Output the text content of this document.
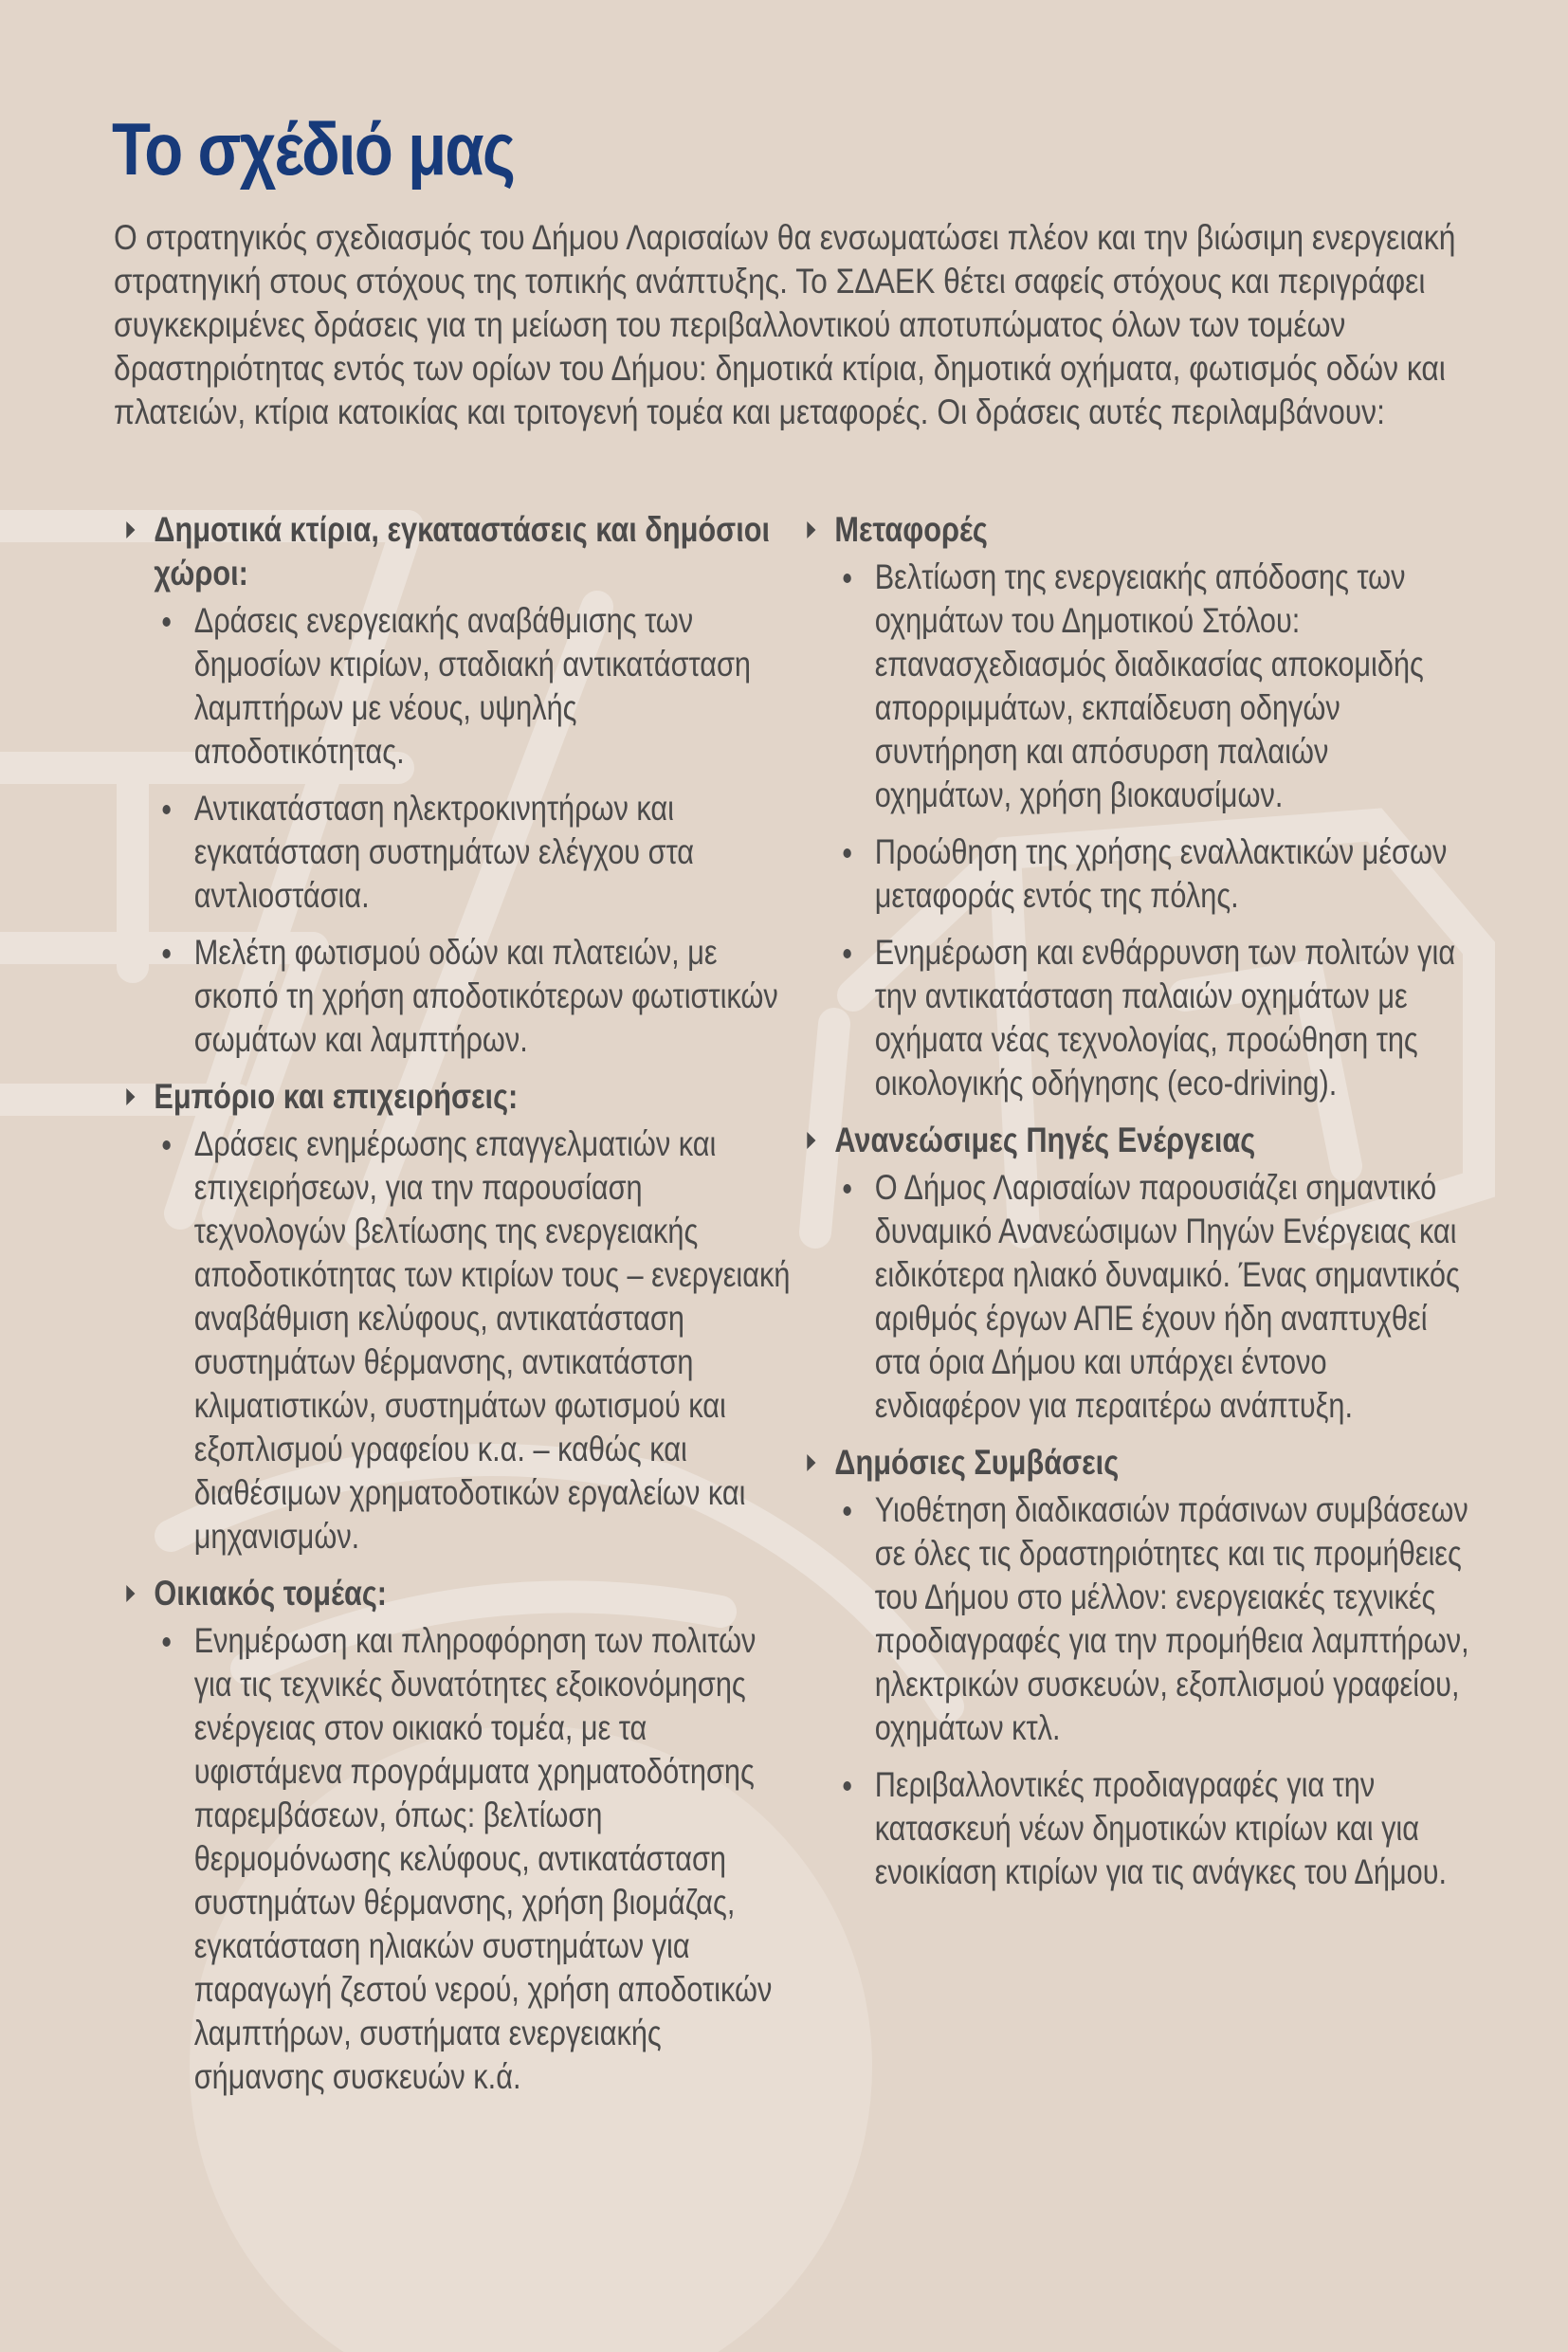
Το σχέδιό μας

Ο στρατηγικός σχεδιασμός του Δήμου Λαρισαίων θα ενσωματώσει πλέον και την βιώσιμη ενεργειακή στρατηγική στους στόχους της τοπικής ανάπτυξης. Το ΣΔΑΕΚ θέτει σαφείς στόχους και περιγράφει συγκεκριμένες δράσεις για τη μείωση του περιβαλλοντικού αποτυπώματος όλων των τομέων δραστηριότητας εντός των ορίων του Δήμου: δημοτικά κτίρια, δημοτικά οχήματα, φωτισμός οδών και πλατειών, κτίρια κατοικίας και τριτογενή τομέα και μεταφορές. Οι δράσεις αυτές περιλαμβάνουν:

Δημοτικά κτίρια, εγκαταστάσεις και δημόσιοι χώροι:
Δράσεις ενεργειακής αναβάθμισης των δημοσίων κτιρίων, σταδιακή αντικατάσταση λαμπτήρων με νέους, υψηλής αποδοτικότητας.
Αντικατάσταση ηλεκτροκινητήρων και εγκατάσταση συστημάτων ελέγχου στα αντλιοστάσια.
Μελέτη φωτισμού οδών και πλατειών, με σκοπό τη χρήση αποδοτικότερων φωτιστικών σωμάτων και λαμπτήρων.
Εμπόριο και επιχειρήσεις:
Δράσεις ενημέρωσης επαγγελματιών και επιχειρήσεων, για την παρουσίαση τεχνολογών βελτίωσης της ενεργειακής αποδοτικότητας των κτιρίων τους – ενεργειακή αναβάθμιση κελύφους, αντικατάσταση συστημάτων θέρμανσης, αντικατάστση κλιματιστικών, συστημάτων φωτισμού και εξοπλισμού γραφείου κ.α. – καθώς και διαθέσιμων χρηματοδοτικών εργαλείων και μηχανισμών.
Οικιακός τομέας:
Ενημέρωση και πληροφόρηση των πολιτών για τις τεχνικές δυνατότητες εξοικονόμησης ενέργειας στον οικιακό τομέα, με τα υφιστάμενα προγράμματα χρηματοδότησης παρεμβάσεων, όπως: βελτίωση θερμομόνωσης κελύφους, αντικατάσταση συστημάτων θέρμανσης, χρήση βιομάζας, εγκατάσταση ηλιακών συστημάτων για παραγωγή ζεστού νερού, χρήση αποδοτικών λαμπτήρων, συστήματα ενεργειακής σήμανσης συσκευών κ.ά.
Μεταφορές
Βελτίωση της ενεργειακής απόδοσης των οχημάτων του Δημοτικού Στόλου: επανασχεδιασμός διαδικασίας αποκομιδής απορριμμάτων, εκπαίδευση οδηγών συντήρηση και απόσυρση παλαιών οχημάτων, χρήση βιοκαυσίμων.
Προώθηση της χρήσης εναλλακτικών μέσων μεταφοράς εντός της πόλης.
Ενημέρωση και ενθάρρυνση των πολιτών για την αντικατάσταση παλαιών οχημάτων με οχήματα νέας τεχνολογίας, προώθηση της οικολογικής οδήγησης (eco-driving).
Ανανεώσιμες Πηγές Ενέργειας
Ο Δήμος Λαρισαίων παρουσιάζει σημαντικό δυναμικό Ανανεώσιμων Πηγών Ενέργειας και ειδικότερα ηλιακό δυναμικό. Ένας σημαντικός αριθμός έργων ΑΠΕ έχουν ήδη αναπτυχθεί στα όρια Δήμου και υπάρχει έντονο ενδιαφέρον για περαιτέρω ανάπτυξη.
Δημόσιες Συμβάσεις
Υιοθέτηση διαδικασιών πράσινων συμβάσεων σε όλες τις δραστηριότητες και τις προμήθειες του Δήμου στο μέλλον: ενεργειακές τεχνικές προδιαγραφές για την προμήθεια λαμπτήρων, ηλεκτρικών συσκευών, εξοπλισμού γραφείου, οχημάτων κτλ.
Περιβαλλοντικές προδιαγραφές για την κατασκευή νέων δημοτικών κτιρίων και για ενοικίαση κτιρίων για τις ανάγκες του Δήμου.
